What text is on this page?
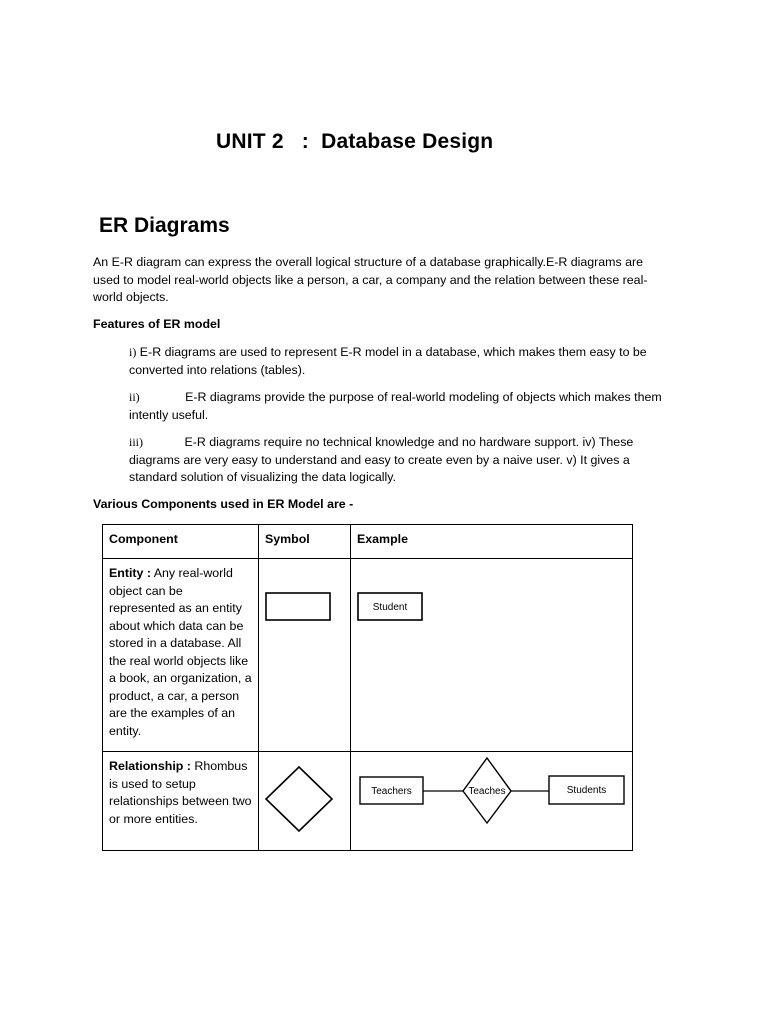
UNIT 2   :  Database Design
ER Diagrams
An E-R diagram can express the overall logical structure of a database graphically.E-R diagrams are used to model real-world objects like a person, a car, a company and the relation between these real-world objects.
Features of ER model
i) E-R diagrams are used to represent E-R model in a database, which makes them easy to be converted into relations (tables).
ii)	E-R diagrams provide the purpose of real-world modeling of objects which makes them intently useful.
iii)	E-R diagrams require no technical knowledge and no hardware support. iv) These diagrams are very easy to understand and easy to create even by a naive user. v) It gives a standard solution of visualizing the data logically.
Various Components used in ER Model are -
Component	Symbol	Example
Entity : Any real-world object can be represented as an entity about which data can be stored in a database. All the real world objects like a book, an organization, a product, a car, a person are the examples of an entity.		Student

Relationship : Rhombus is used to setup relationships between two or more entities.		Teachers Teaches Students
